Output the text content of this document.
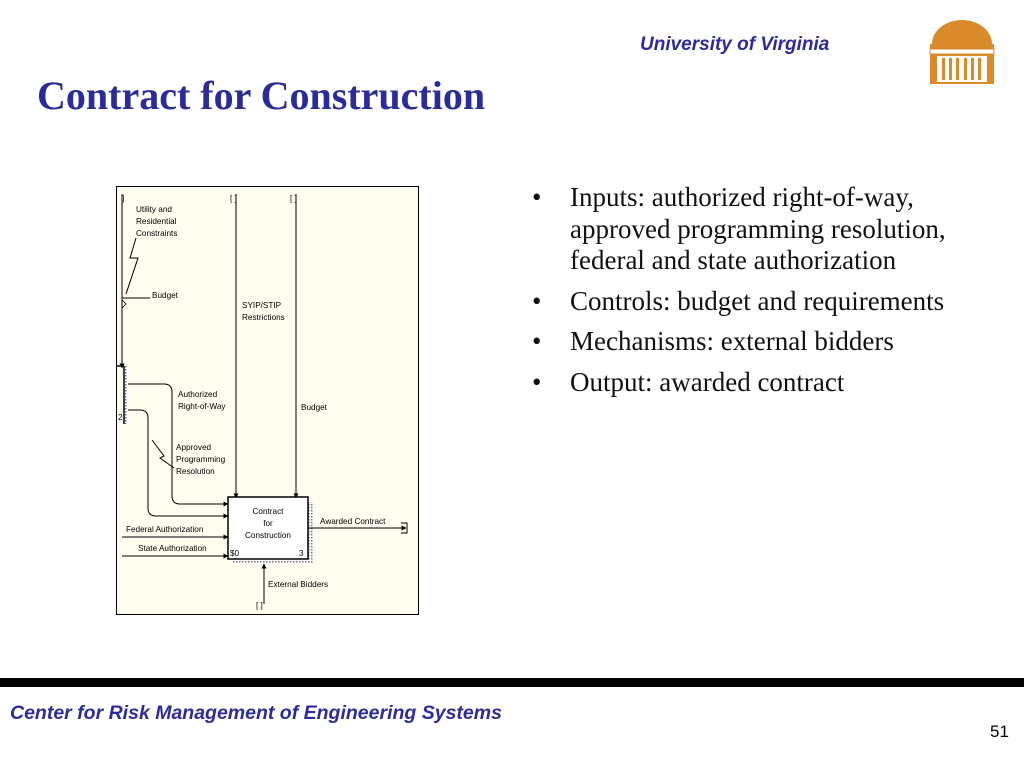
University of Virginia
Contract for Construction
]	[ ]	[ ]
Utility and
Residential
Constraints
Budget
2
SYIP/STIP
Restrictions
Budget
Authorized
Right-of-Way
Approved
Programming
Resolution
Federal Authorization
State Authorization
Contract
for
Construction
$0	3
Awarded Contract
External Bidders
[ ]
• Inputs: authorized right-of-way, approved programming resolution, federal and state authorization
• Controls: budget and requirements
• Mechanisms: external bidders
• Output: awarded contract
Center for Risk Management of Engineering Systems
51
